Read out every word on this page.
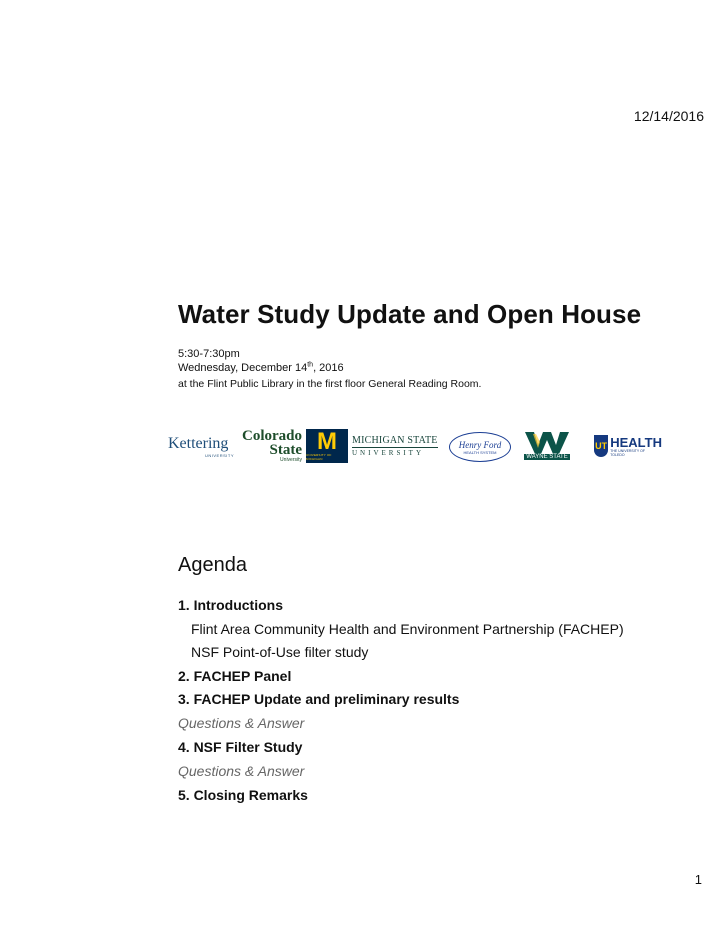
12/14/2016
Water Study Update and Open House
5:30-7:30pm
Wednesday, December 14th, 2016
at the Flint Public Library in the first floor General Reading Room.
Kettering
UNIVERSITY
Colorado
State
University
M
UNIVERSITY OF MICHIGAN
MICHIGAN STATE
UNIVERSITY
Henry Ford
HEALTH SYSTEM
WAYNE STATE
UT HEALTH
THE UNIVERSITY OF TOLEDO
Agenda
1. Introductions
Flint Area Community Health and Environment Partnership (FACHEP)
NSF Point-of-Use filter study
2. FACHEP Panel
3. FACHEP Update and preliminary results
Questions & Answer
4. NSF Filter Study
Questions & Answer
5. Closing Remarks
1
